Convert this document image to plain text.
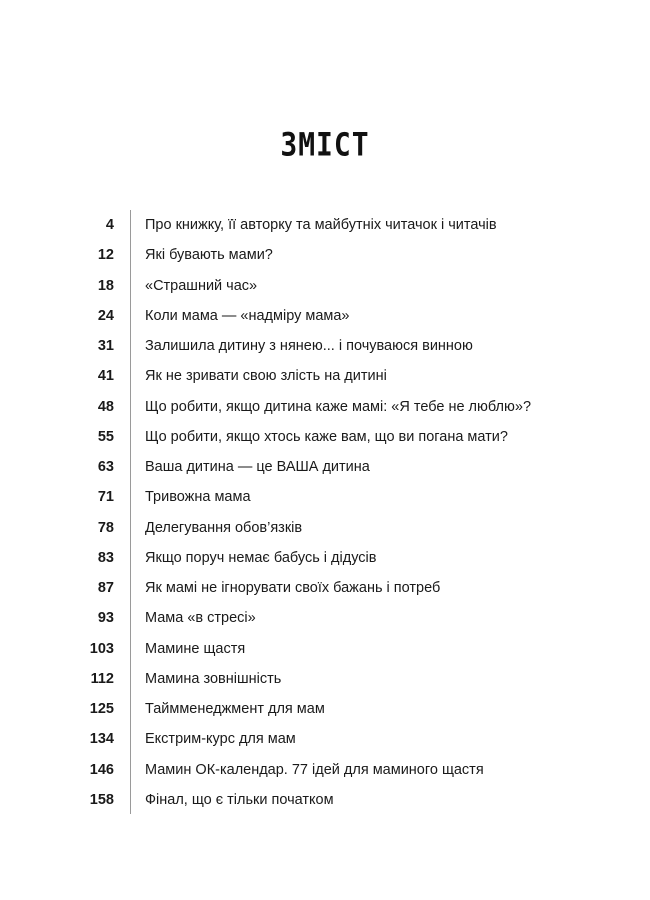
ЗМІСТ
4 Про книжку, її авторку та майбутніх читачок і читачів
12 Які бувають мами?
18 «Страшний час»
24 Коли мама — «надміру мама»
31 Залишила дитину з нянею... і почуваюся винною
41 Як не зривати свою злість на дитині
48 Що робити, якщо дитина каже мамі: «Я тебе не люблю»?
55 Що робити, якщо хтось каже вам, що ви погана мати?
63 Ваша дитина — це ВАША дитина
71 Тривожна мама
78 Делегування обов’язків
83 Якщо поруч немає бабусь і дідусів
87 Як мамі не ігнорувати своїх бажань і потреб
93 Мама «в стресі»
103 Мамине щастя
112 Мамина зовнішність
125 Таймменеджмент для мам
134 Екстрим-курс для мам
146 Мамин ОК-календар. 77 ідей для маминого щастя
158 Фінал, що є тільки початком
